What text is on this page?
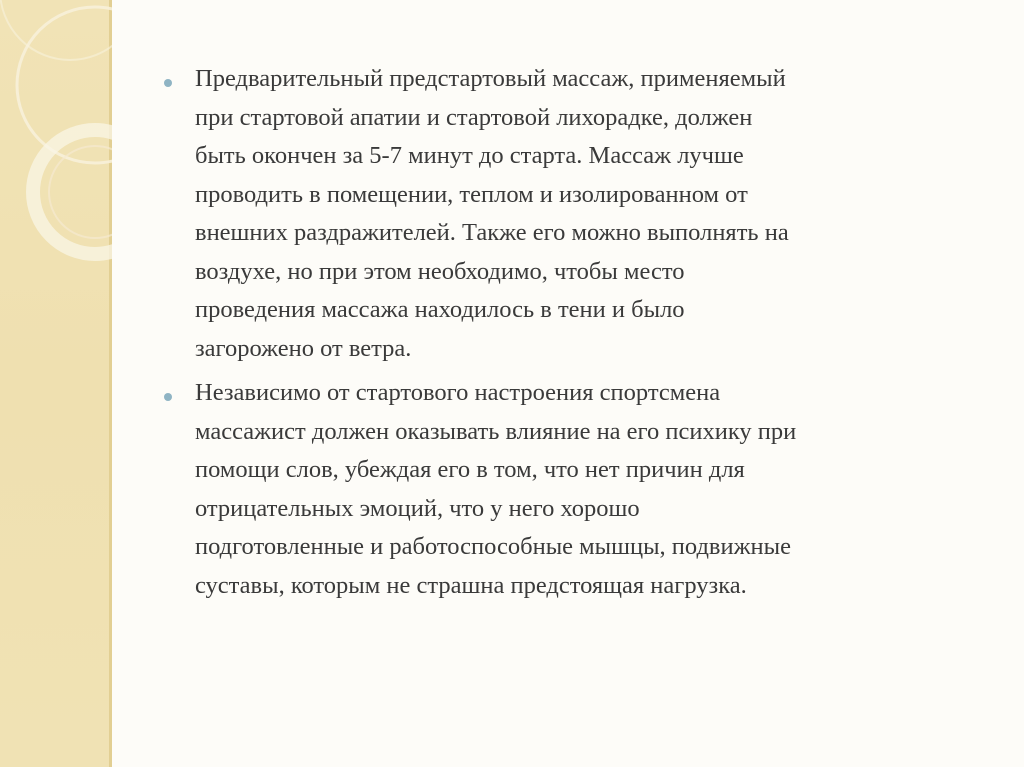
Предварительный предстартовый массаж, применяемый
при стартовой апатии и стартовой лихорадке, должен
быть окончен за 5-7 минут до старта. Массаж лучше
проводить в помещении, теплом и изолированном от
внешних раздражителей. Также его можно выполнять на
воздухе, но при этом необходимо, чтобы место
проведения массажа находилось в тени и было
загорожено от ветра.

Независимо от стартового настроения спортсмена
массажист должен оказывать влияние на его психику при
помощи слов, убеждая его в том, что нет причин для
отрицательных эмоций, что у него хорошо
подготовленные и работоспособные мышцы, подвижные
суставы, которым не страшна предстоящая нагрузка.
